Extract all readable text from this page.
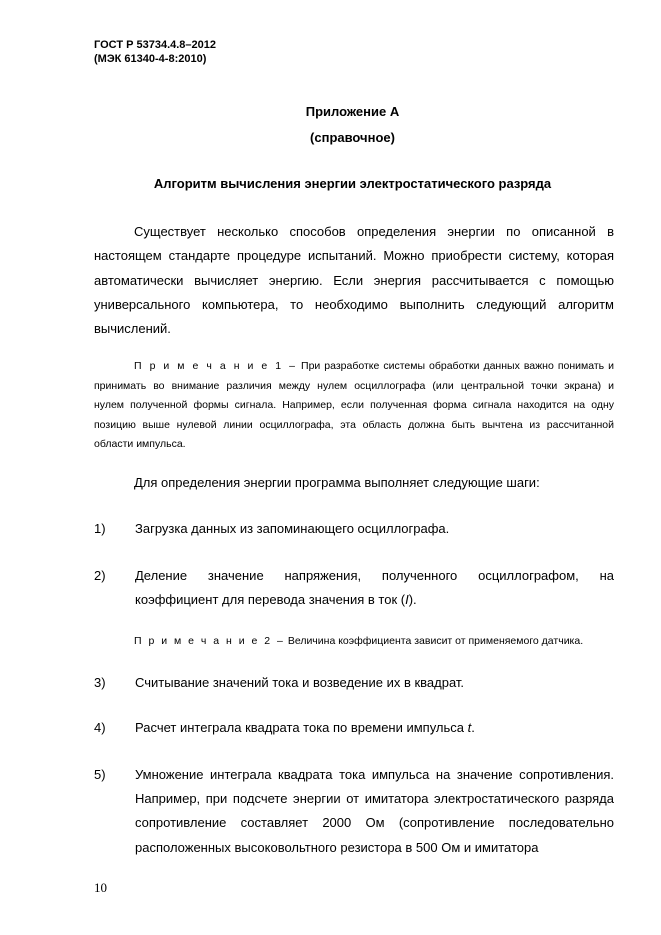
ГОСТ Р 53734.4.8–2012
(МЭК 61340-4-8:2010)
Приложение А
(справочное)
Алгоритм вычисления энергии электростатического разряда
Существует несколько способов определения энергии по описанной в
настоящем стандарте процедуре испытаний. Можно приобрести систему, которая
автоматически вычисляет энергию. Если энергия рассчитывается с помощью
универсального компьютера, то необходимо выполнить следующий алгоритм
вычислений.
П р и м е ч а н и е 1 – При разработке системы обработки данных важно понимать и
принимать во внимание различия между нулем осциллографа (или центральной точки экрана) и
нулем полученной формы сигнала. Например, если полученная форма сигнала находится на одну
позицию выше нулевой линии осциллографа, эта область должна быть вычтена из рассчитанной
области импульса.
Для определения энергии программа выполняет следующие шаги:
1) Загрузка данных из запоминающего осциллографа.
2) Деление значение напряжения, полученного осциллографом, на
коэффициент для перевода значения в ток (I).
П р и м е ч а н и е 2 – Величина коэффициента зависит от применяемого датчика.
3) Считывание значений тока и возведение их в квадрат.
4) Расчет интеграла квадрата тока по времени импульса t.
5) Умножение интеграла квадрата тока импульса на значение сопротивления.
Например, при подсчете энергии от имитатора электростатического разряда
сопротивление составляет 2000 Ом (сопротивление последовательно
расположенных высоковольтного резистора в 500 Ом и имитатора
10
